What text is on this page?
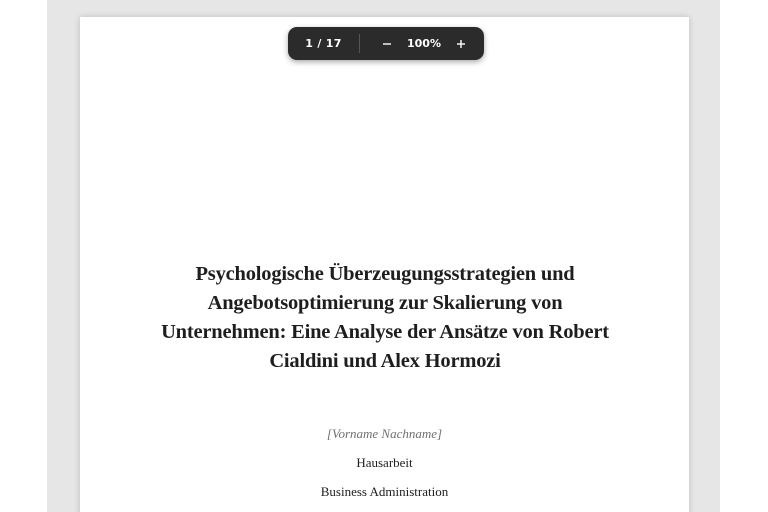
Psychologische Überzeugungsstrategien und Angebotsoptimierung zur Skalierung von Unternehmen: Eine Analyse der Ansätze von Robert Cialdini und Alex Hormozi
[Vorname Nachname]
Hausarbeit
Business Administration
1 / 17	100%
